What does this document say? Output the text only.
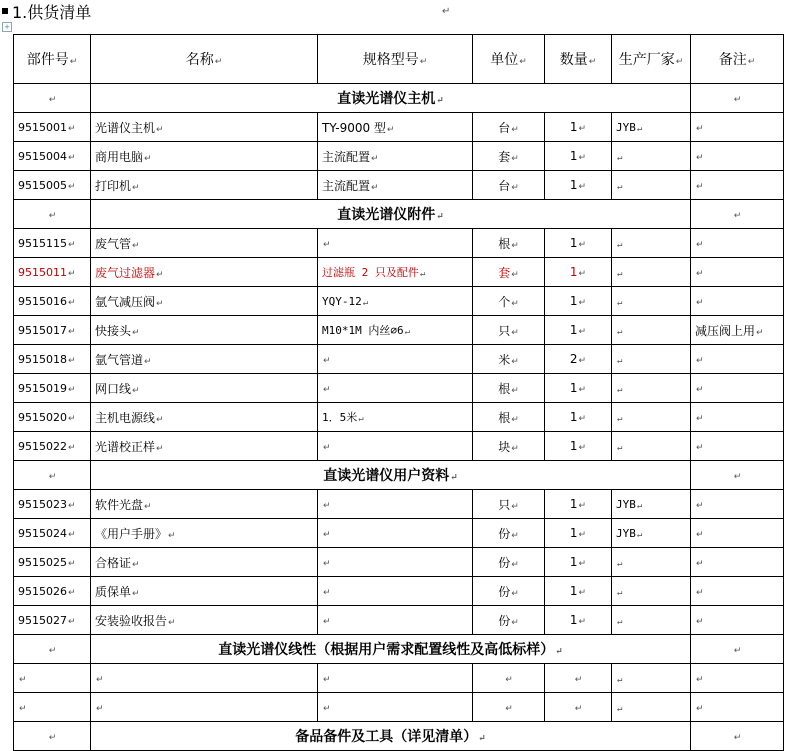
1.供货清单	↵
+
部件号↵	名称↵	规格型号↵	单位↵	数量↵	生产厂家↵	备注↵
↵	直读光谱仪主机↵					↵
9515001↵	光谱仪主机↵	TY-9000 型↵	台↵	1↵	JYB↵	↵
9515004↵	商用电脑↵	主流配置↵	套↵	1↵	↵	↵
9515005↵	打印机↵	主流配置↵	台↵	1↵	↵	↵
↵	直读光谱仪附件↵					↵
9515115↵	废气管↵	↵	根↵	1↵	↵	↵
9515011↵	废气过滤器↵	过滤瓶 2 只及配件↵	套↵	1↵	↵	↵
9515016↵	氩气减压阀↵	YQY-12↵	个↵	1↵	↵	↵
9515017↵	快接头↵	M10*1M 内丝∅6↵	只↵	1↵	↵	减压阀上用↵
9515018↵	氩气管道↵	↵	米↵	2↵	↵	↵
9515019↵	网口线↵	↵	根↵	1↵	↵	↵
9515020↵	主机电源线↵	1．5米↵	根↵	1↵	↵	↵
9515022↵	光谱校正样↵	↵	块↵	1↵	↵	↵
↵	直读光谱仪用户资料↵					↵
9515023↵	软件光盘↵	↵	只↵	1↵	JYB↵	↵
9515024↵	《用户手册》↵	↵	份↵	1↵	JYB↵	↵
9515025↵	合格证↵	↵	份↵	1↵	↵	↵
9515026↵	质保单↵	↵	份↵	1↵	↵	↵
9515027↵	安装验收报告↵	↵	份↵	1↵	↵	↵
↵	直读光谱仪线性（根据用户需求配置线性及高低标样）↵					↵
↵	↵	↵	↵	↵	↵	↵
↵	↵	↵	↵	↵	↵	↵
↵	备品备件及工具（详见清单）↵					↵
